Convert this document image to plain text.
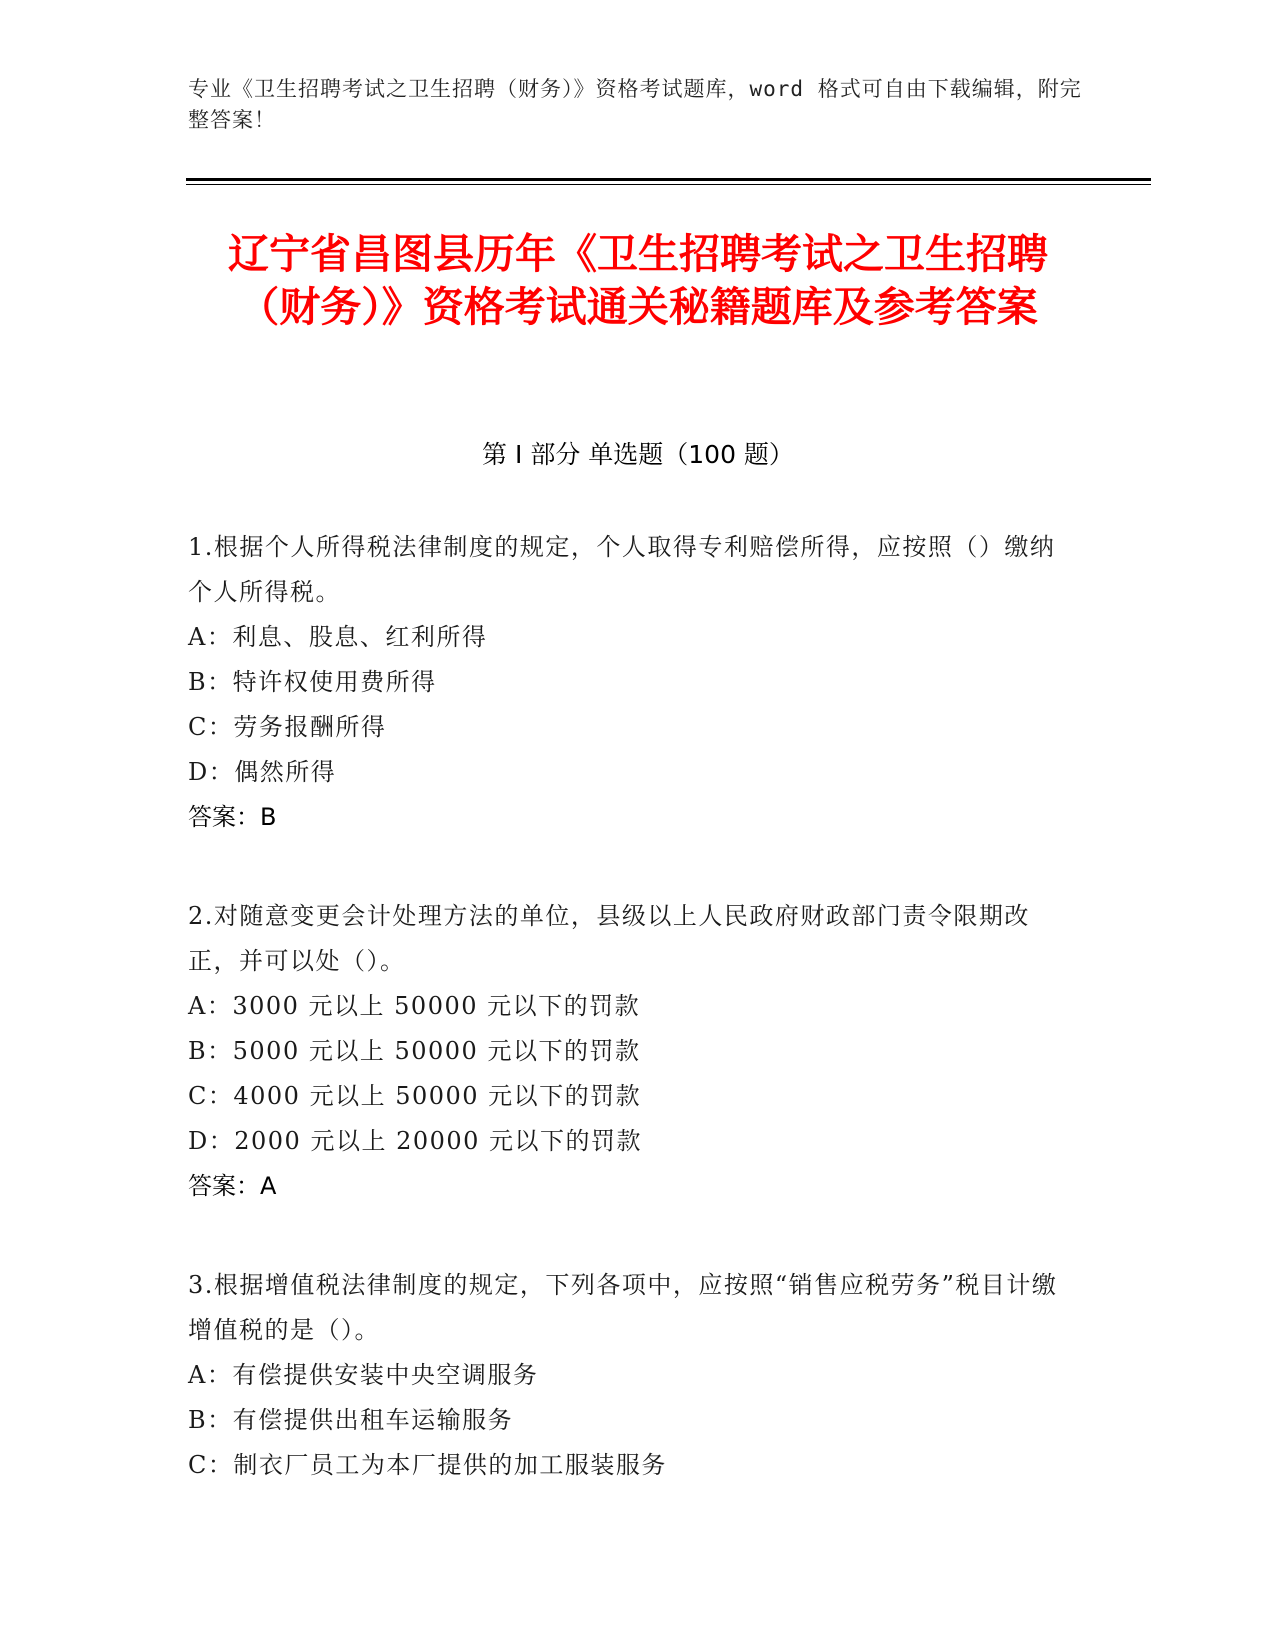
专业《卫生招聘考试之卫生招聘（财务）》资格考试题库，word 格式可自由下载编辑，附完整答案！
辽宁省昌图县历年《卫生招聘考试之卫生招聘（财务）》资格考试通关秘籍题库及参考答案
第 I 部分 单选题（100 题）
1.根据个人所得税法律制度的规定，个人取得专利赔偿所得，应按照（）缴纳个人所得税。
A：利息、股息、红利所得
B：特许权使用费所得
C：劳务报酬所得
D：偶然所得
答案：B
2.对随意变更会计处理方法的单位，县级以上人民政府财政部门责令限期改正，并可以处（）。
A：3000 元以上 50000 元以下的罚款
B：5000 元以上 50000 元以下的罚款
C：4000 元以上 50000 元以下的罚款
D：2000 元以上 20000 元以下的罚款
答案：A
3.根据增值税法律制度的规定，下列各项中，应按照“销售应税劳务”税目计缴增值税的是（）。
A：有偿提供安装中央空调服务
B：有偿提供出租车运输服务
C：制衣厂员工为本厂提供的加工服装服务
